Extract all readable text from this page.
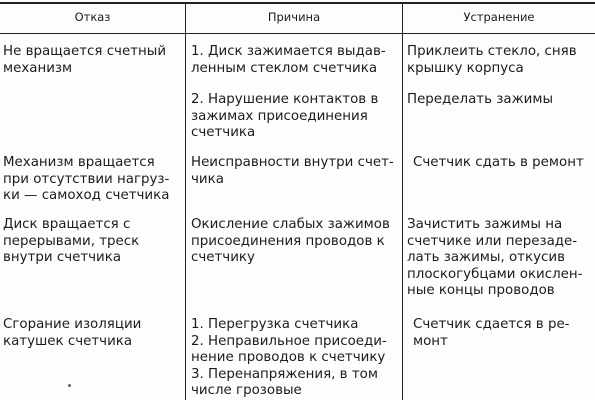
Отказ	Причина	Устранение
Не вращается счетный
механизм
1. Диск зажимается выдав-
ленным стеклом счетчика
2. Нарушение контактов в
зажимах присоединения
счетчика
Приклеить стекло, сняв
крышку корпуса
Переделать зажимы
Механизм вращается
при отсутствии нагруз-
ки — самоход счетчика
Неисправности внутри счет-
чика
Счетчик сдать в ремонт
Диск вращается с
перерывами, треск
внутри счетчика
Окисление слабых зажимов
присоединения проводов к
счетчику
Зачистить зажимы на
счетчике или перезаде-
лать зажимы, откусив
плоскогубцами окислен-
ные концы проводов
Сгорание изоляции
катушек счетчика
1. Перегрузка счетчика
2. Неправильное присоеди-
нение проводов к счетчику
3. Перенапряжения, в том
числе грозовые
Счетчик сдается в ре-
монт
